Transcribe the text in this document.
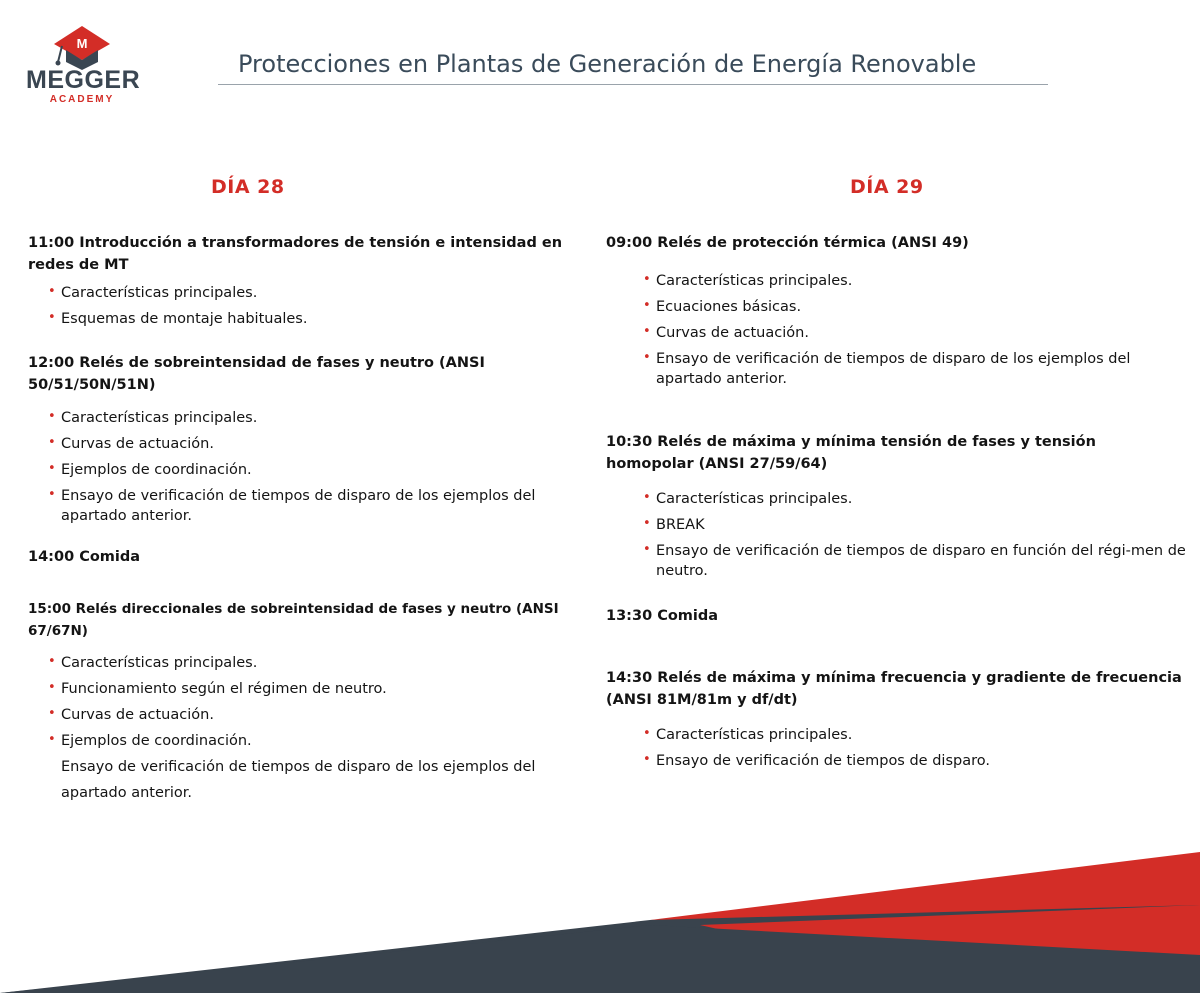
M
MEGGER
ACADEMY
Protecciones en Plantas de Generación de Energía Renovable
DÍA 28	DÍA 29

11:00 Introducción a transformadores de tensión e intensidad en redes de MT

• Características principales.
• Esquemas de montaje habituales.

12:00 Relés de sobreintensidad de fases y neutro (ANSI 50/51/50N/51N)

• Características principales.
• Curvas de actuación.
• Ejemplos de coordinación.
• Ensayo de verificación de tiempos de disparo de los ejemplos del apartado anterior.

14:00 Comida

15:00 Relés direccionales de sobreintensidad de fases y neutro (ANSI 67/67N)

• Características principales.
• Funcionamiento según el régimen de neutro.
• Curvas de actuación.
• Ejemplos de coordinación.
Ensayo de verificación de tiempos de disparo de los ejemplos del apartado anterior.

09:00 Relés de protección térmica (ANSI 49)

• Características principales.
• Ecuaciones básicas.
• Curvas de actuación.
• Ensayo de verificación de tiempos de disparo de los ejemplos del apartado anterior.

10:30 Relés de máxima y mínima tensión de fases y tensión homopolar (ANSI 27/59/64)

• Características principales.
• BREAK
• Ensayo de verificación de tiempos de disparo en función del régi-men de neutro.

13:30 Comida

14:30 Relés de máxima y mínima frecuencia y gradiente de frecuencia (ANSI 81M/81m y df/dt)

• Características principales.
• Ensayo de verificación de tiempos de disparo.
